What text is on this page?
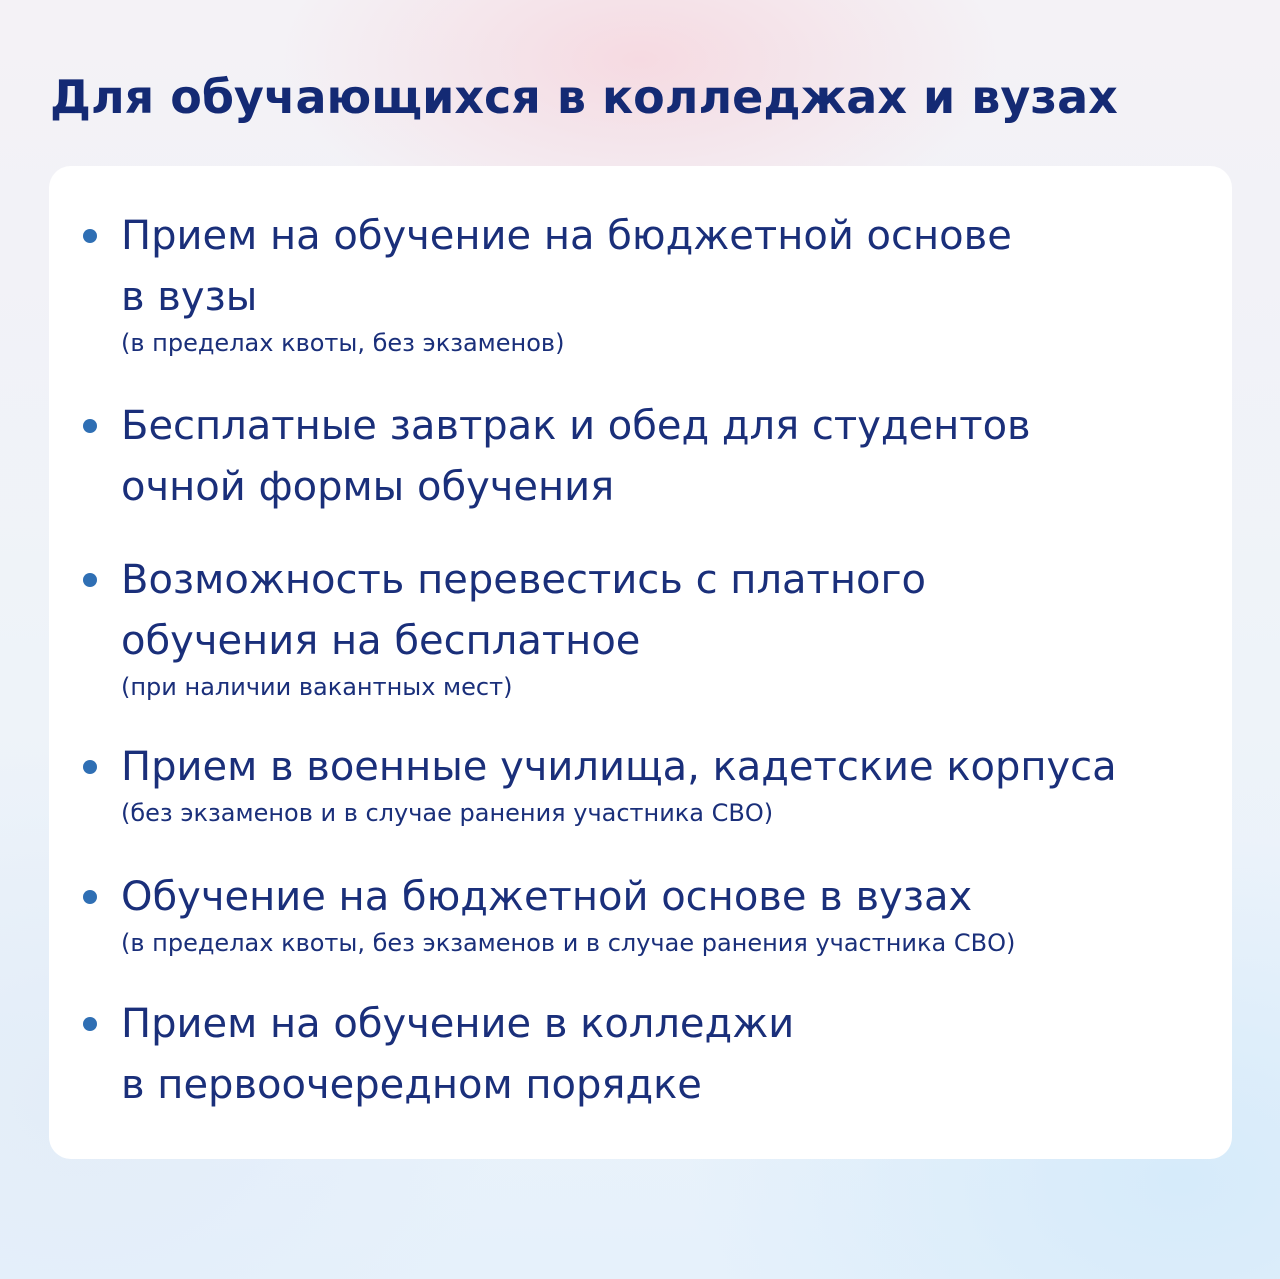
Для обучающихся в колледжах и вузах
Прием на обучение на бюджетной основе
в вузы
(в пределах квоты, без экзаменов)
Бесплатные завтрак и обед для студентов
очной формы обучения
Возможность перевестись с платного
обучения на бесплатное
(при наличии вакантных мест)
Прием в военные училища, кадетские корпуса
(без экзаменов и в случае ранения участника СВО)
Обучение на бюджетной основе в вузах
(в пределах квоты, без экзаменов и в случае ранения участника СВО)
Прием на обучение в колледжи
в первоочередном порядке
